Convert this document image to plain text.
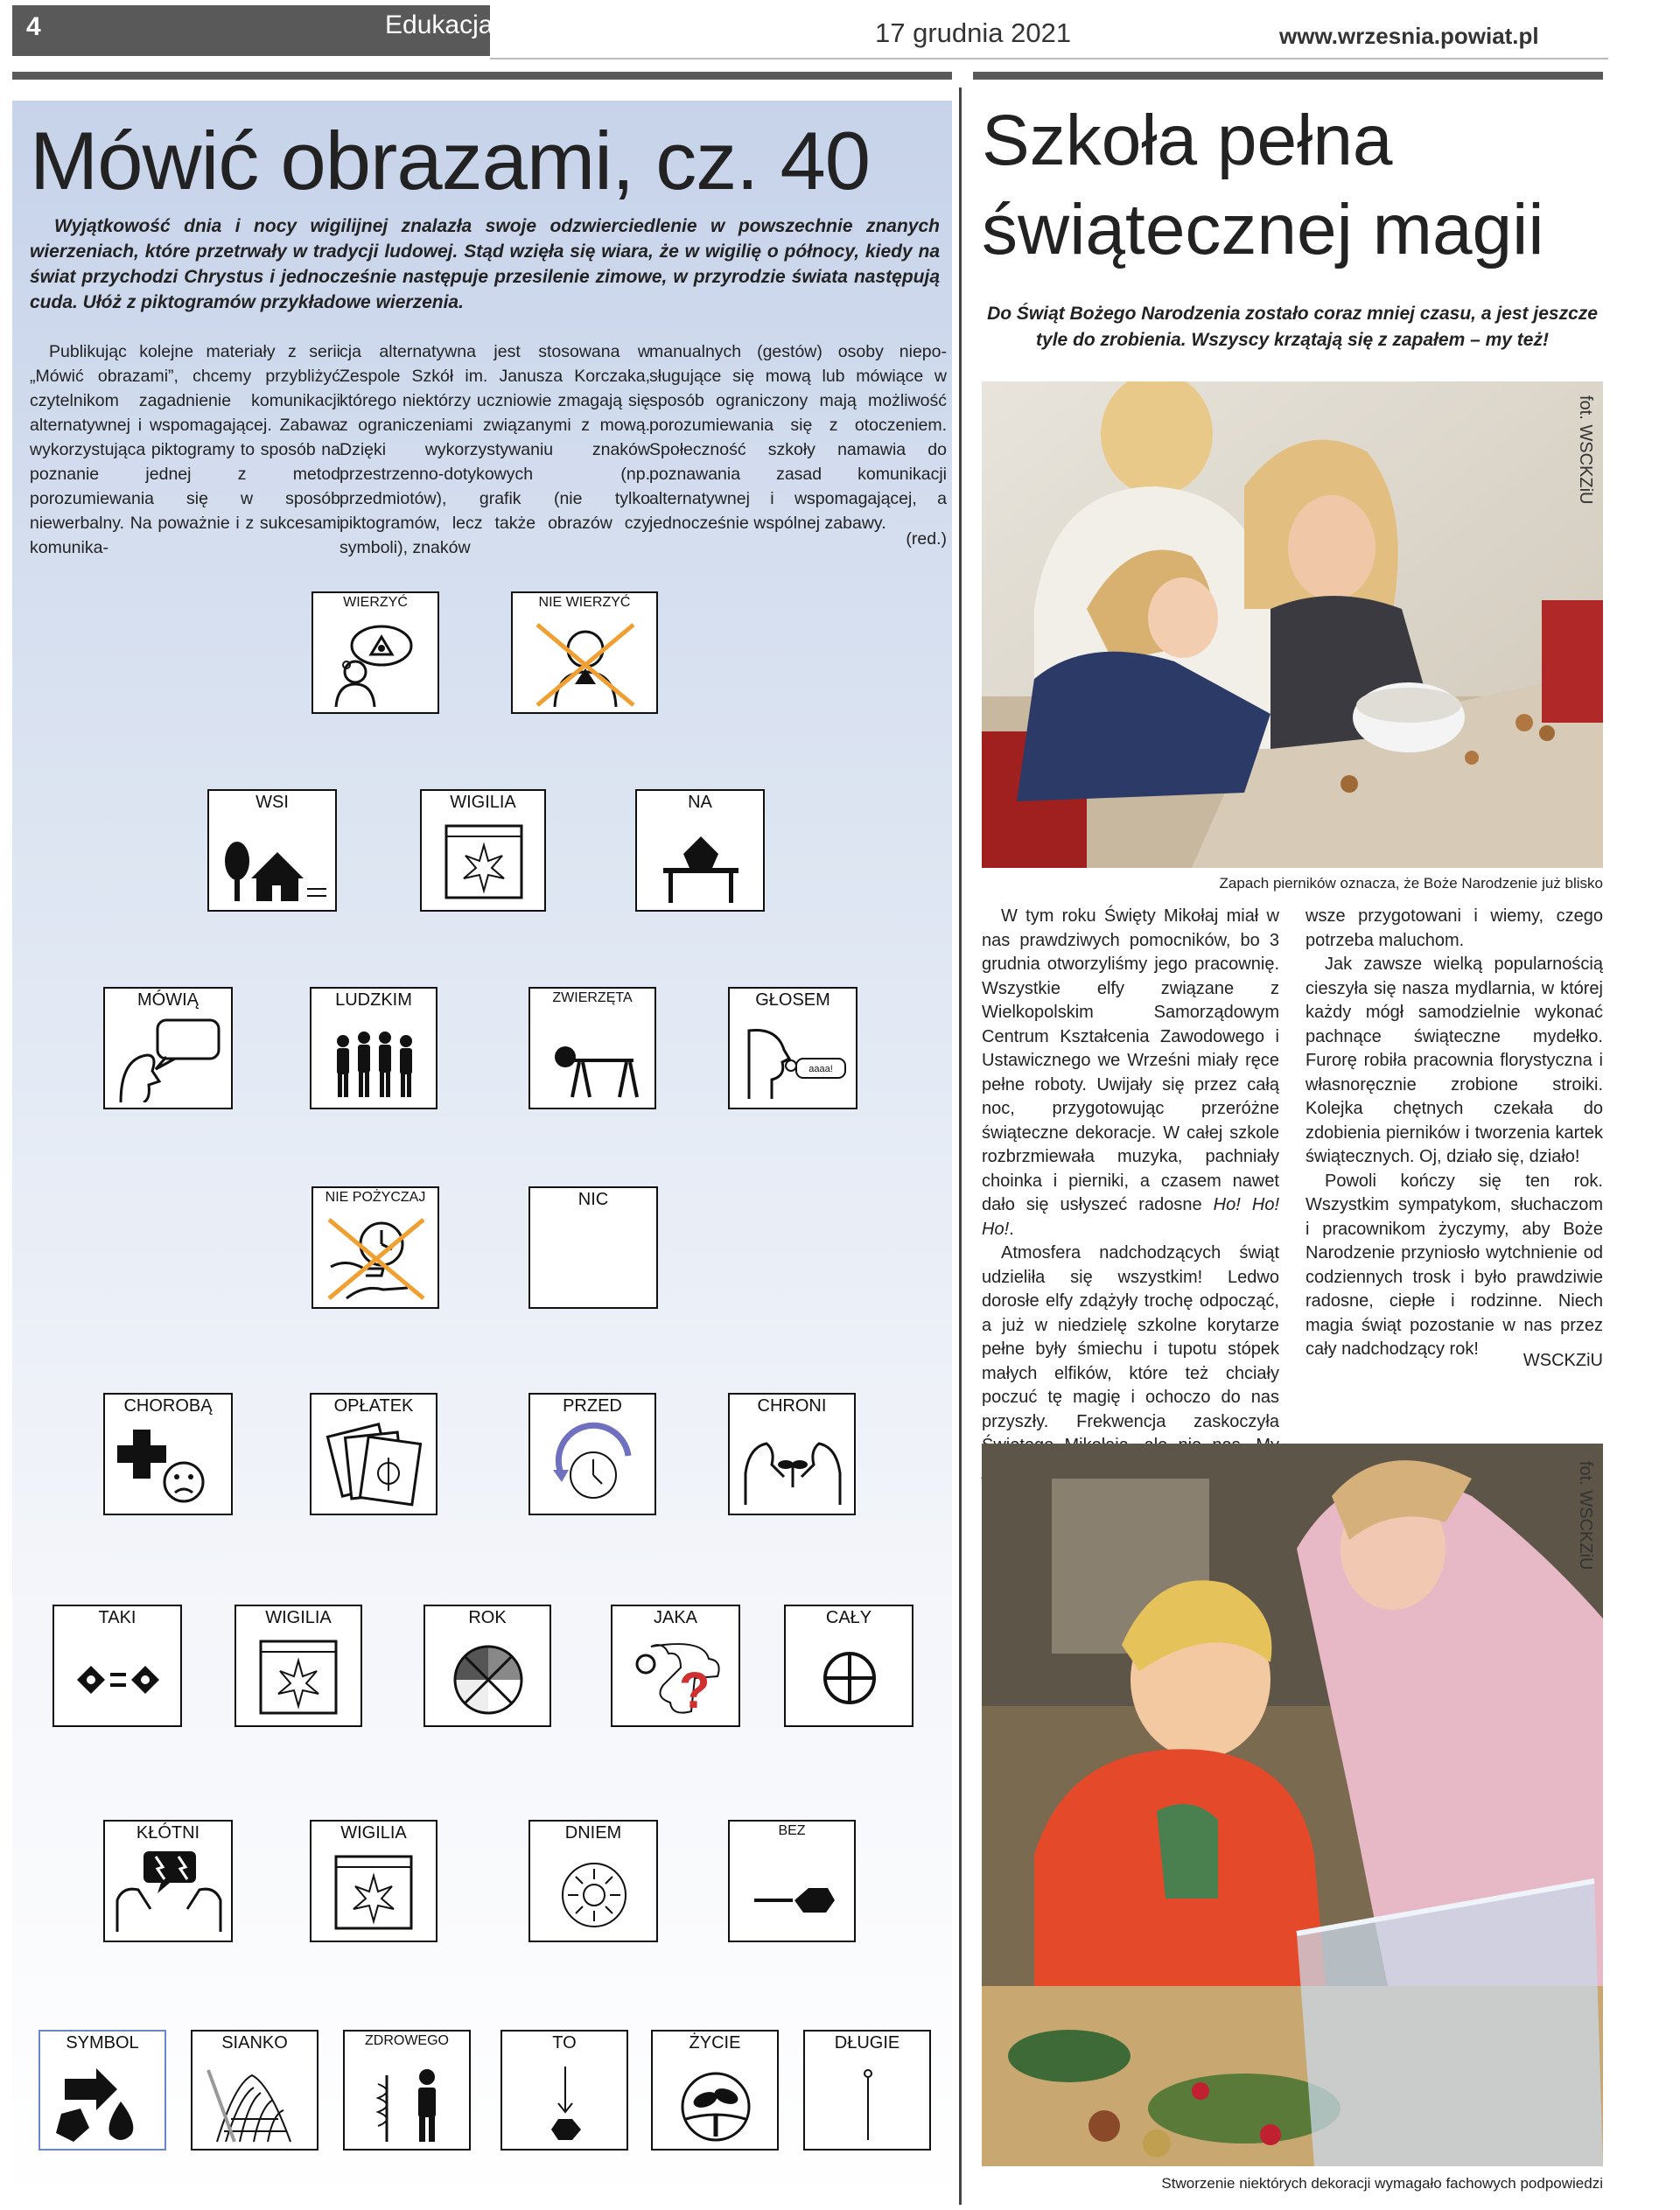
4	Edukacja	17 grudnia 2021	www.wrzesnia.powiat.pl
Mówić obrazami, cz. 40
Wyjątkowość dnia i nocy wigilijnej znalazła swoje odzwierciedlenie w powszechnie znanych wierzeniach, które przetrwały w tradycji ludowej. Stąd wzięła się wiara, że w wigilię o północy, kiedy na świat przychodzi Chrystus i jednocześnie następuje przesilenie zimowe, w przyrodzie świata następują cuda. Ułóż z piktogramów przykładowe wierzenia.

Publikując kolejne materiały z serii „Mówić obrazami”, chcemy przybliżyć czytelnikom zagadnienie komunikacji alternatywnej i wspomagającej. Zabawa wykorzystująca piktogramy to sposób na poznanie jednej z metod porozumiewania się w sposób niewerbalny. Na poważnie i z sukcesami komunika-

cja alternatywna jest stosowana w Zespole Szkół im. Janusza Korczaka, którego niektórzy uczniowie zmagają się z ograniczeniami związanymi z mową. Dzięki wykorzystywaniu znaków przestrzenno-dotykowych (np. przedmiotów), grafik (nie tylko piktogramów, lecz także obrazów czy symboli), znaków

manualnych (gestów) osoby nieposługujące się mową lub mówiące w sposób ograniczony mają możliwość porozumiewania się z otoczeniem. Społeczność szkoły namawia do poznawania zasad komunikacji alternatywnej i wspomagającej, a jednocześnie wspólnej zabawy.

(red.)
WIERZYĆ	NIE WIERZYĆ
WSI	WIGILIA	NA
MÓWIĄ	LUDZKIM	ZWIERZĘTA	GŁOSEM
aaaa!
NIE POŻYCZAJ	NIC
CHOROBĄ	OPŁATEK	PRZED	CHRONI
TAKI	WIGILIA	ROK	JAKA
?
CAŁY
KŁÓTNI	WIGILIA	DNIEM	BEZ
SYMBOL	SIANKO	ZDROWEGO	TO	ŻYCIE	DŁUGIE
Szkoła pełna
świątecznej magii
Do Świąt Bożego Narodzenia zostało coraz mniej czasu, a jest jeszcze tyle do zrobienia. Wszyscy krzątają się z zapałem – my też!
fot. WSCKZiU
Zapach pierników oznacza, że Boże Narodzenie już blisko

W tym roku Święty Mikołaj miał w nas prawdziwych pomocników, bo 3 grudnia otworzyliśmy jego pracownię. Wszystkie elfy związane z Wielkopolskim Samorządowym Centrum Kształcenia Zawodowego i Ustawicznego we Wrześni miały ręce pełne roboty. Uwijały się przez całą noc, przygotowując przeróżne świąteczne dekoracje. W całej szkole rozbrzmiewała muzyka, pachniały choinka i pierniki, a czasem nawet dało się usłyszeć radosne Ho! Ho! Ho!.

Atmosfera nadchodzących świąt udzieliła się wszystkim! Ledwo dorosłe elfy zdążyły trochę odpocząć, a już w niedzielę szkolne korytarze pełne były śmiechu i tupotu stópek małych elfików, które też chciały poczuć tę magię i ochoczo do nas przyszły. Frekwencja zaskoczyła

wsze przygotowani i wiemy, czego potrzeba maluchom.

Jak zawsze wielką popularnością cieszyła się nasza mydlarnia, w której każdy mógł samodzielnie wykonać pachnące świąteczne mydełko. Furorę robiła pracownia florystyczna i własnoręcznie zrobione stroiki. Kolejka chętnych czekała do zdobienia pierników i tworzenia kartek świątecznych. Oj, działo się, działo!

Powoli kończy się ten rok. Wszystkim sympatykom, słuchaczom i pracownikom życzymy, aby Boże Narodzenie przyniosło wytchnienie od codziennych trosk i było prawdziwie radosne, ciepłe i rodzinne. Niech magia świąt pozostanie w nas przez cały nadchodzący rok!

WSCKZiU
fot. WSCKZiU
Stworzenie niektórych dekoracji wymagało fachowych podpowiedzi
